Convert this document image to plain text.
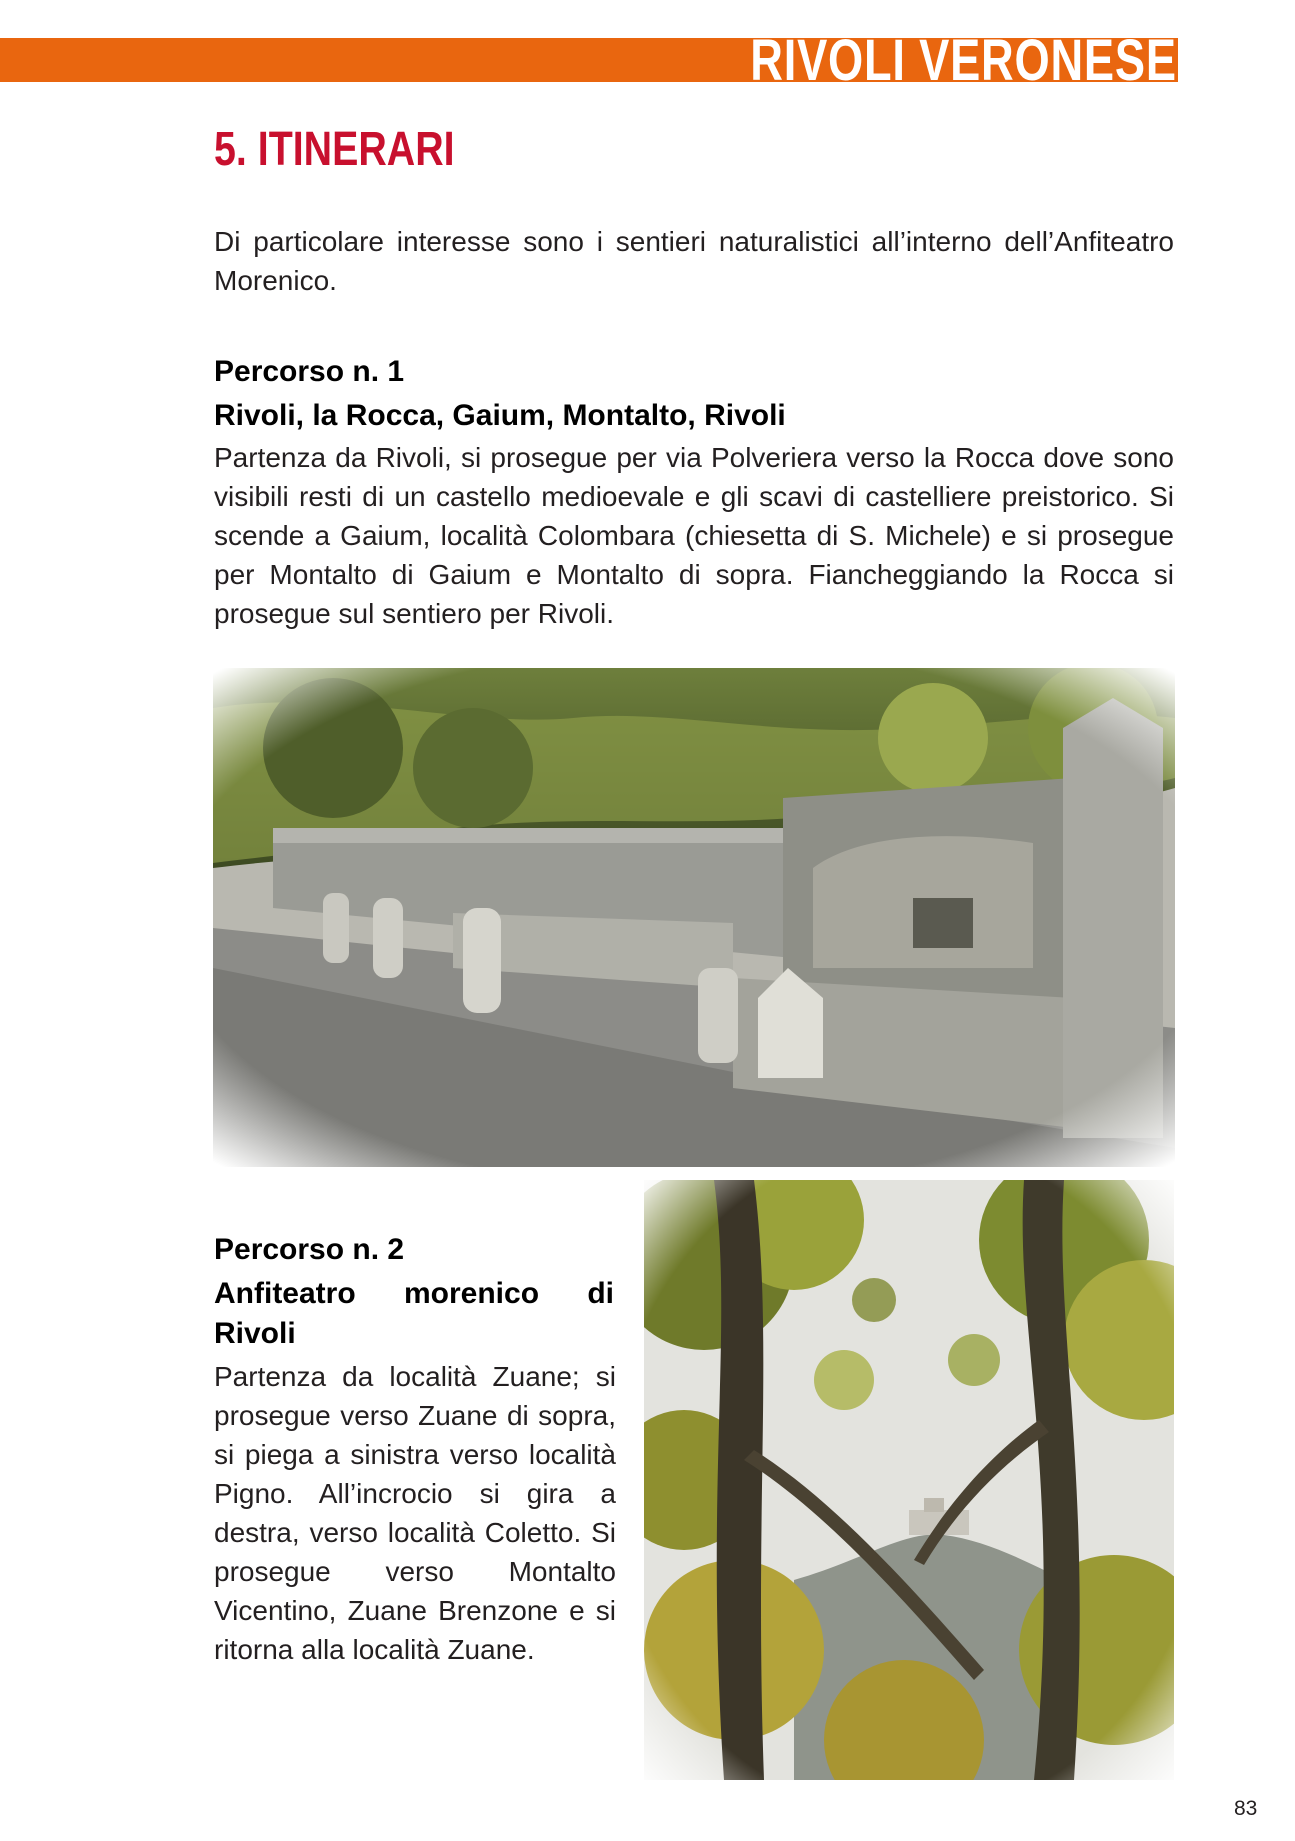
RIVOLI VERONESE
5. ITINERARI

Di particolare interesse sono i sentieri naturalistici all’interno dell’Anfiteatro Morenico.

Percorso n. 1
Rivoli, la Rocca, Gaium, Montalto, Rivoli

Partenza da Rivoli, si prosegue per via Polveriera verso la Rocca dove sono visibili resti di un castello medioevale e gli scavi di castelliere preistorico. Si scende a Gaium, località Colombara (chiesetta di S. Michele) e si prosegue per Montalto di Gaium e Montalto di sopra. Fiancheggiando la Rocca si prosegue sul sentiero per Rivoli.

Percorso n. 2
Anfiteatro morenico di Rivoli

Partenza da località Zuane; si prosegue verso Zuane di sopra, si piega a sinistra verso località Pigno. All’incrocio si gira a destra, verso località Coletto. Si prosegue verso Montalto Vicentino, Zuane Brenzone e si ritorna alla località Zuane.

83
